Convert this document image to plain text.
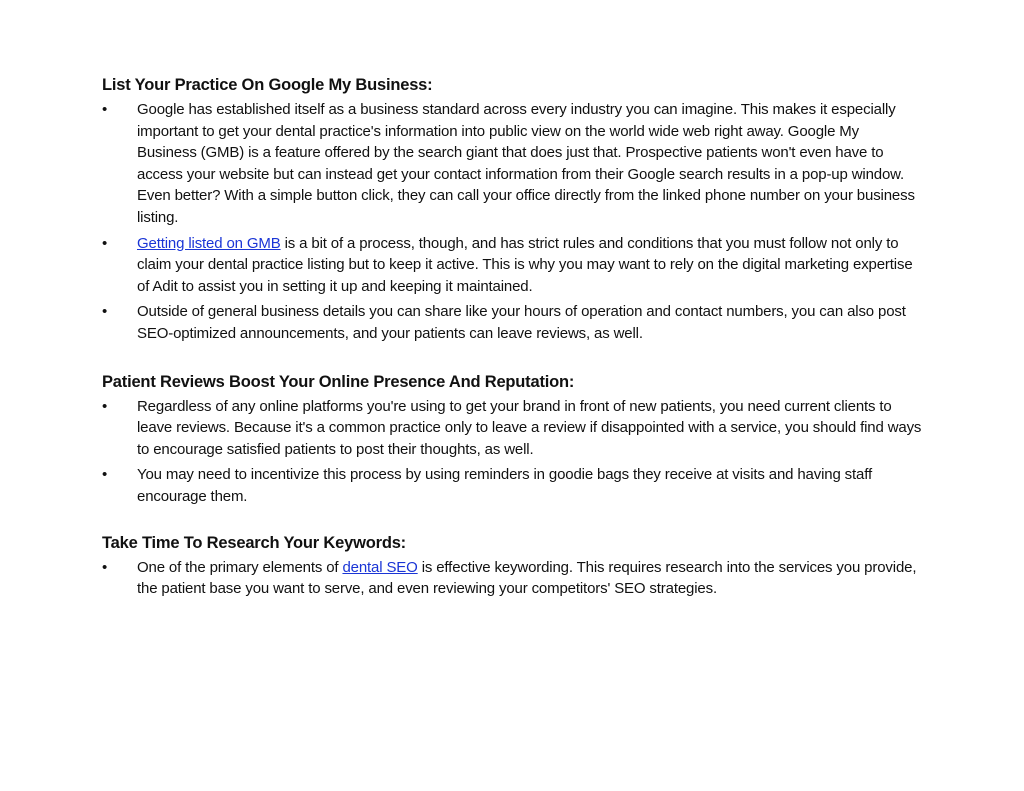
List Your Practice On Google My Business:
•	Google has established itself as a business standard across every industry you can imagine. This makes it especially important to get your dental practice's information into public view on the world wide web right away. Google My Business (GMB) is a feature offered by the search giant that does just that. Prospective patients won't even have to access your website but can instead get your contact information from their Google search results in a pop-up window. Even better? With a simple button click, they can call your office directly from the linked phone number on your business listing.
•	Getting listed on GMB is a bit of a process, though, and has strict rules and conditions that you must follow not only to claim your dental practice listing but to keep it active. This is why you may want to rely on the digital marketing expertise of Adit to assist you in setting it up and keeping it maintained.
•	Outside of general business details you can share like your hours of operation and contact numbers, you can also post SEO-optimized announcements, and your patients can leave reviews, as well.
Patient Reviews Boost Your Online Presence And Reputation:
•	Regardless of any online platforms you're using to get your brand in front of new patients, you need current clients to leave reviews. Because it's a common practice only to leave a review if disappointed with a service, you should find ways to encourage satisfied patients to post their thoughts, as well.
•	You may need to incentivize this process by using reminders in goodie bags they receive at visits and having staff encourage them.
Take Time To Research Your Keywords:
•	One of the primary elements of dental SEO is effective keywording. This requires research into the services you provide, the patient base you want to serve, and even reviewing your competitors' SEO strategies.
